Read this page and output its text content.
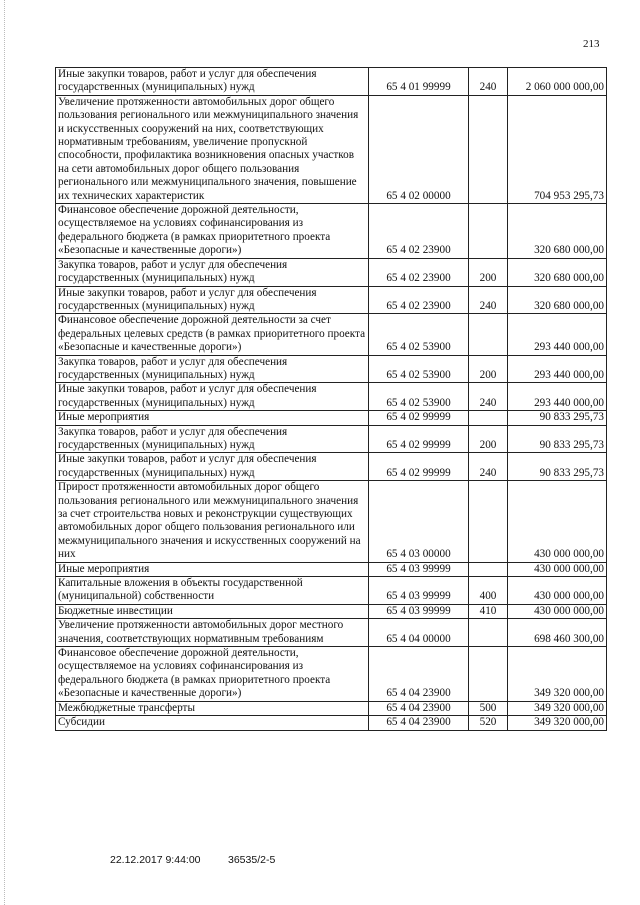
213
Иные закупки товаров, работ и услуг для обеспечения государственных (муниципальных) нужд	65 4 01 99999	240	2 060 000 000,00
Увеличение протяженности автомобильных дорог общего пользования регионального или межмуниципального значения и искусственных сооружений на них, соответствующих нормативным требованиям, увеличение пропускной способности, профилактика возникновения опасных участков на сети автомобильных дорог общего пользования регионального или межмуниципального значения, повышение их технических характеристик	65 4 02 00000		704 953 295,73
Финансовое обеспечение дорожной деятельности, осуществляемое на условиях софинансирования из федерального бюджета (в рамках приоритетного проекта «Безопасные и качественные дороги»)	65 4 02 23900		320 680 000,00
Закупка товаров, работ и услуг для обеспечения государственных (муниципальных) нужд	65 4 02 23900	200	320 680 000,00
Иные закупки товаров, работ и услуг для обеспечения государственных (муниципальных) нужд	65 4 02 23900	240	320 680 000,00
Финансовое обеспечение дорожной деятельности за счет федеральных целевых средств (в рамках приоритетного проекта «Безопасные и качественные дороги»)	65 4 02 53900		293 440 000,00
Закупка товаров, работ и услуг для обеспечения государственных (муниципальных) нужд	65 4 02 53900	200	293 440 000,00
Иные закупки товаров, работ и услуг для обеспечения государственных (муниципальных) нужд	65 4 02 53900	240	293 440 000,00
Иные мероприятия	65 4 02 99999		90 833 295,73
Закупка товаров, работ и услуг для обеспечения государственных (муниципальных) нужд	65 4 02 99999	200	90 833 295,73
Иные закупки товаров, работ и услуг для обеспечения государственных (муниципальных) нужд	65 4 02 99999	240	90 833 295,73
Прирост протяженности автомобильных дорог общего пользования регионального или межмуниципального значения за счет строительства новых и реконструкции существующих автомобильных дорог общего пользования регионального или межмуниципального значения и искусственных сооружений на них	65 4 03 00000		430 000 000,00
Иные мероприятия	65 4 03 99999		430 000 000,00
Капитальные вложения в объекты государственной (муниципальной) собственности	65 4 03 99999	400	430 000 000,00
Бюджетные инвестиции	65 4 03 99999	410	430 000 000,00
Увеличение протяженности автомобильных дорог местного значения, соответствующих нормативным требованиям	65 4 04 00000		698 460 300,00
Финансовое обеспечение дорожной деятельности, осуществляемое на условиях софинансирования из федерального бюджета (в рамках приоритетного проекта «Безопасные и качественные дороги»)	65 4 04 23900		349 320 000,00
Межбюджетные трансферты	65 4 04 23900	500	349 320 000,00
Субсидии	65 4 04 23900	520	349 320 000,00
22.12.2017 9:44:00	36535/2-5
